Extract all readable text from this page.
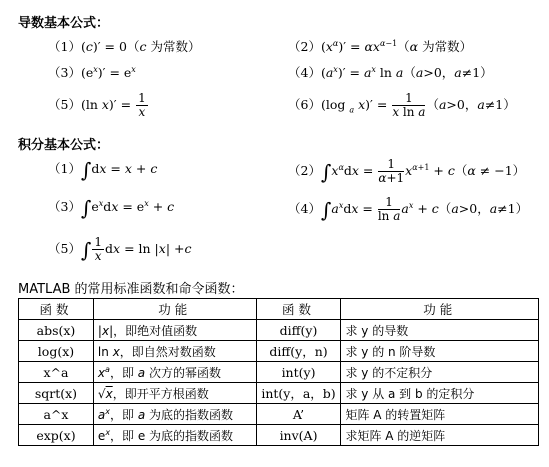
导数基本公式：
（1）(c)′ = 0（c 为常数）	$(2)(x^\alpha)' = \alpha x^{\alpha-1}(\alpha$ 为常数）
$(3)(e^x)' = e^x$	$(4)(a^x)' = a^x$ ln a（a>0，a≠1）
（5）(ln $x)' = \frac{1}{x}$	（6）(log $_a$ $x)' = \frac{1}{\text{x ln a}} (a>0$，a≠1）
积分基本公式：
（1）∫dx = x + c	$(2)\int x^\alpha dx = \frac{1}{\alpha+1} x^{\alpha+1} + c(\alpha \ne -1)$
$(3)\int e^xdx = e^x + c$	$(4)\int a^xdx = \frac{1}{\text{ln a}} a^x + c(a>0$，a≠1）
$(5)\int \frac{1}{x}$ dx = ln |x| +c
MATLAB 的常用标准函数和命令函数：
函数	功能	函数	功能
abs(x)	|x|，即绝对值函数	diff(y)	求 y 的导数
log(x)	ln x，即自然对数函数	diff(y，n)	求 y 的 n 阶导数
x^a	$x^a$，即 a 次方的幂函数	int(y)	求 y 的不定积分
sqrt(x)	√x，即开平方根函数	int(y，a，b)	求 y 从 a 到 b 的定积分
a^x	$a^x$，即 a 为底的指数函数	A’	矩阵 A 的转置矩阵
exp(x)	$e^x$，即 e 为底的指数函数	inv(A)	求矩阵 A 的逆矩阵
